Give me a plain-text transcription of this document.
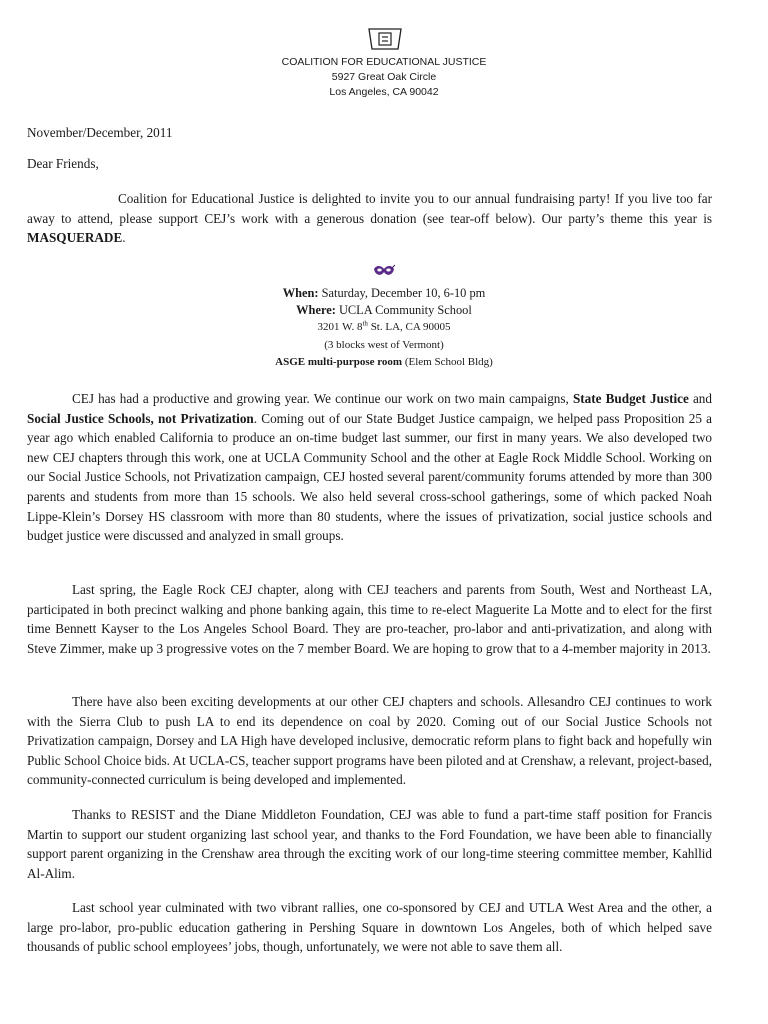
COALITION FOR EDUCATIONAL JUSTICE
5927 Great Oak Circle
Los Angeles, CA 90042
November/December, 2011
Dear Friends,
Coalition for Educational Justice is delighted to invite you to our annual fundraising party! If you live too far away to attend, please support CEJ’s work with a generous donation (see tear-off below). Our party’s theme this year is MASQUERADE.
When: Saturday, December 10, 6-10 pm
Where: UCLA Community School
3201 W. 8th St. LA, CA 90005
(3 blocks west of Vermont)
ASGE multi-purpose room (Elem School Bldg)
CEJ has had a productive and growing year. We continue our work on two main campaigns, State Budget Justice and Social Justice Schools, not Privatization. Coming out of our State Budget Justice campaign, we helped pass Proposition 25 a year ago which enabled California to produce an on-time budget last summer, our first in many years. We also developed two new CEJ chapters through this work, one at UCLA Community School and the other at Eagle Rock Middle School. Working on our Social Justice Schools, not Privatization campaign, CEJ hosted several parent/community forums attended by more than 300 parents and students from more than 15 schools. We also held several cross-school gatherings, some of which packed Noah Lippe-Klein’s Dorsey HS classroom with more than 80 students, where the issues of privatization, social justice schools and budget justice were discussed and analyzed in small groups.
Last spring, the Eagle Rock CEJ chapter, along with CEJ teachers and parents from South, West and Northeast LA, participated in both precinct walking and phone banking again, this time to re-elect Maguerite La Motte and to elect for the first time Bennett Kayser to the Los Angeles School Board. They are pro-teacher, pro-labor and anti-privatization, and along with Steve Zimmer, make up 3 progressive votes on the 7 member Board. We are hoping to grow that to a 4-member majority in 2013.
There have also been exciting developments at our other CEJ chapters and schools. Allesandro CEJ continues to work with the Sierra Club to push LA to end its dependence on coal by 2020. Coming out of our Social Justice Schools not Privatization campaign, Dorsey and LA High have developed inclusive, democratic reform plans to fight back and hopefully win Public School Choice bids. At UCLA-CS, teacher support programs have been piloted and at Crenshaw, a relevant, project-based, community-connected curriculum is being developed and implemented.
Thanks to RESIST and the Diane Middleton Foundation, CEJ was able to fund a part-time staff position for Francis Martin to support our student organizing last school year, and thanks to the Ford Foundation, we have been able to financially support parent organizing in the Crenshaw area through the exciting work of our long-time steering committee member, Kahllid Al-Alim.
Last school year culminated with two vibrant rallies, one co-sponsored by CEJ and UTLA West Area and the other, a large pro-labor, pro-public education gathering in Pershing Square in downtown Los Angeles, both of which helped save thousands of public school employees’ jobs, though, unfortunately, we were not able to save them all.
